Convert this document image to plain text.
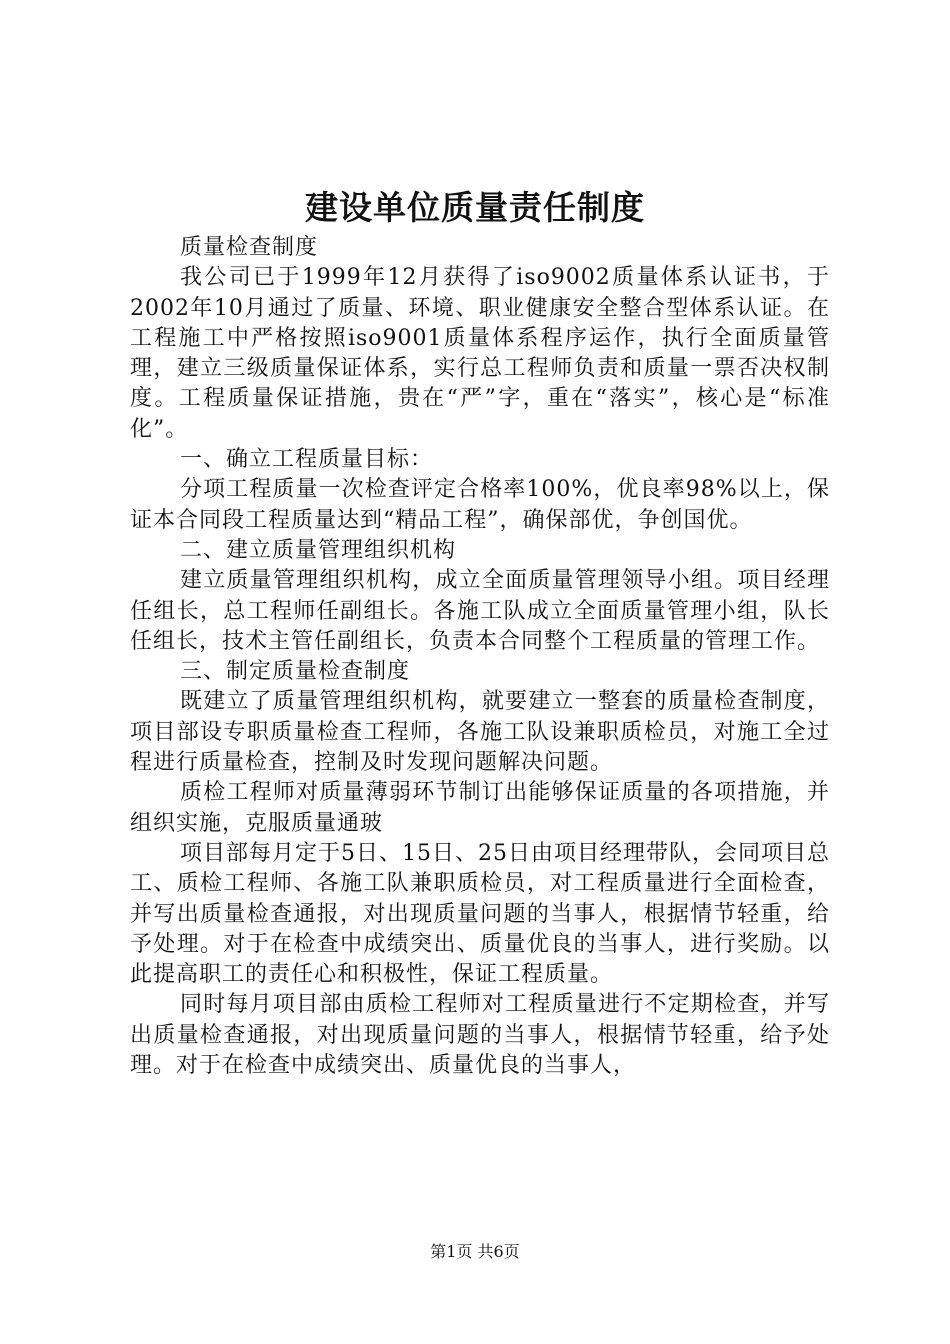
建设单位质量责任制度

质量检查制度

我公司已于1999年12月获得了iso9002质量体系认证书，于2002年10月通过了质量、环境、职业健康安全整合型体系认证。在工程施工中严格按照iso9001质量体系程序运作，执行全面质量管理，建立三级质量保证体系，实行总工程师负责和质量一票否决权制度。工程质量保证措施，贵在“严”字，重在“落实”，核心是“标准化”。

一、确立工程质量目标：

分项工程质量一次检查评定合格率100%，优良率98%以上，保证本合同段工程质量达到“精品工程”，确保部优，争创国优。

二、建立质量管理组织机构

建立质量管理组织机构，成立全面质量管理领导小组。项目经理任组长，总工程师任副组长。各施工队成立全面质量管理小组，队长任组长，技术主管任副组长，负责本合同整个工程质量的管理工作。

三、制定质量检查制度

既建立了质量管理组织机构，就要建立一整套的质量检查制度，项目部设专职质量检查工程师，各施工队设兼职质检员，对施工全过程进行质量检查，控制及时发现问题解决问题。

质检工程师对质量薄弱环节制订出能够保证质量的各项措施，并组织实施，克服质量通玻

项目部每月定于5日、15日、25日由项目经理带队，会同项目总工、质检工程师、各施工队兼职质检员，对工程质量进行全面检查，并写出质量检查通报，对出现质量问题的当事人，根据情节轻重，给予处理。对于在检查中成绩突出、质量优良的当事人，进行奖励。以此提高职工的责任心和积极性，保证工程质量。

同时每月项目部由质检工程师对工程质量进行不定期检查，并写出质量检查通报，对出现质量问题的当事人，根据情节轻重，给予处理。对于在检查中成绩突出、质量优良的当事人，

第1页 共6页
